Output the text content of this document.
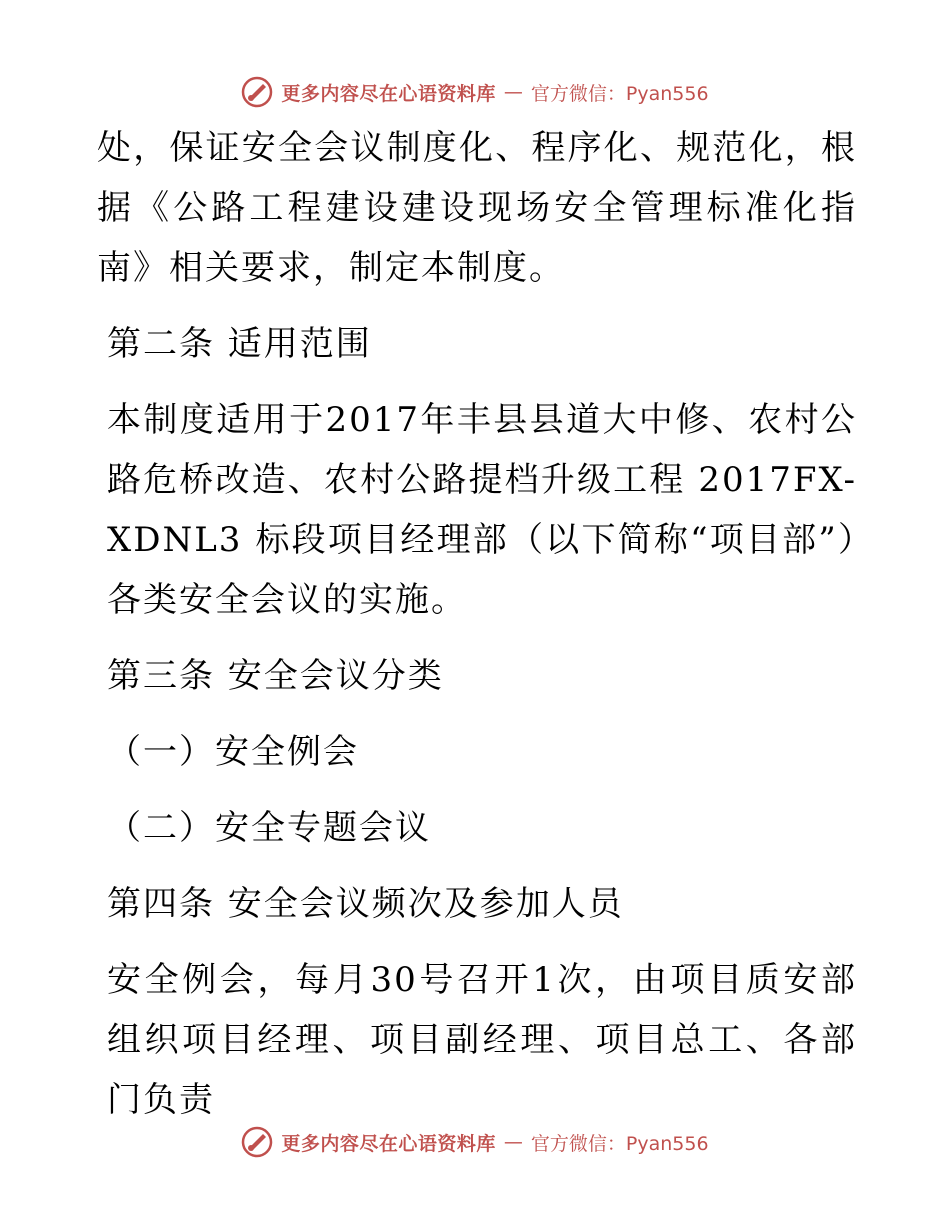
更多内容尽在心语资料库 — 官方微信：Pyan556

处，保证安全会议制度化、程序化、规范化，根据《公路工程建设建设现场安全管理标准化指南》相关要求，制定本制度。

第二条 适用范围

本制度适用于2017年丰县县道大中修、农村公路危桥改造、农村公路提档升级工程 2017FX-XDNL3 标段项目经理部（以下简称“项目部”）各类安全会议的实施。

第三条 安全会议分类

（一）安全例会

（二）安全专题会议

第四条 安全会议频次及参加人员

安全例会，每月30号召开1次，由项目质安部组织项目经理、项目副经理、项目总工、各部门负责

更多内容尽在心语资料库 — 官方微信：Pyan556
